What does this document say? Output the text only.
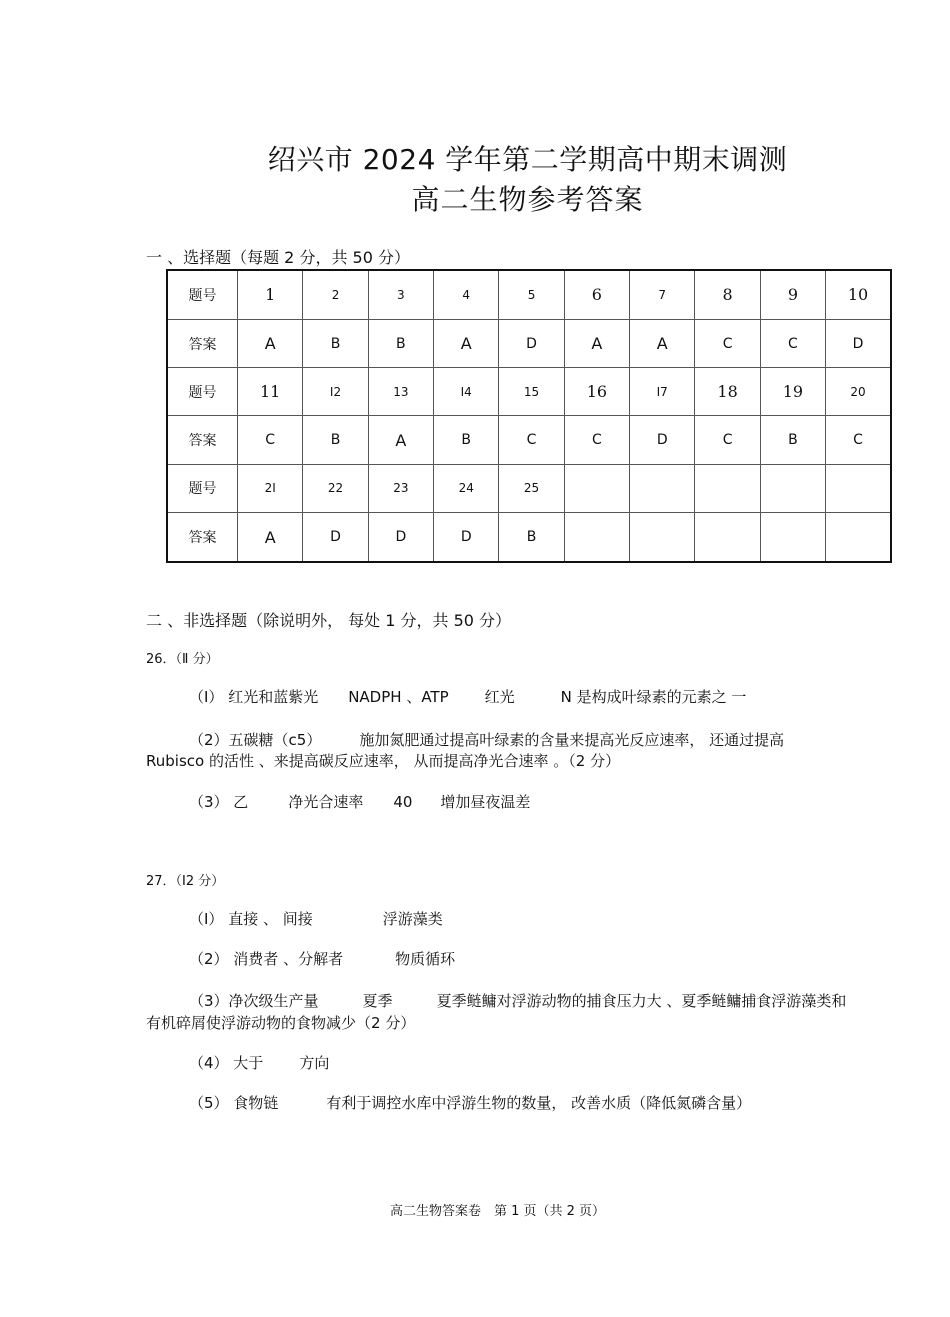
绍兴市 2024 学年第二学期高中期末调测
高二生物参考答案
一 、选择题（每题 2 分，共 50 分）
题号	1	2	3	4	5	6	7	8	9	10
答案	A	B	B	A	D	A	A	C	C	D
题号	11	I2	13	I4	15	16	I7	18	19	20
答案	C	B	A	B	C	C	D	C	B	C
题号	2I	22	23	24	25					
答案	A	D	D	D	B					
二 、非选择题（除说明外， 每处 1 分，共 50 分）
26．（Ⅱ 分）
（I） 红光和蓝紫光 NADPH 、ATP 红光	N 是构成叶绿素的元素之 一
（2）五碳糖（c5）	施加氮肥通过提高叶绿素的含量来提高光反应速率， 还通过提高
Rubisco 的活性 、来提高碳反应速率， 从而提高净光合速率 。（2 分）
（3） 乙	净光合速率 40 增加昼夜温差
27．（I2 分）
（I） 直接 、 间接	浮游藻类
（2） 消费者 、分解者	物质循环
（3）净次级生产量	夏季	夏季鲢鳙对浮游动物的捕食压力大 、夏季鲢鳙捕食浮游藻类和
有机碎屑使浮游动物的食物减少（2 分）
（4） 大于 方向
（5） 食物链	有利于调控水库中浮游生物的数量， 改善水质（降低氮磷含量）
高二生物答案卷　第 1 页（共 2 页）
